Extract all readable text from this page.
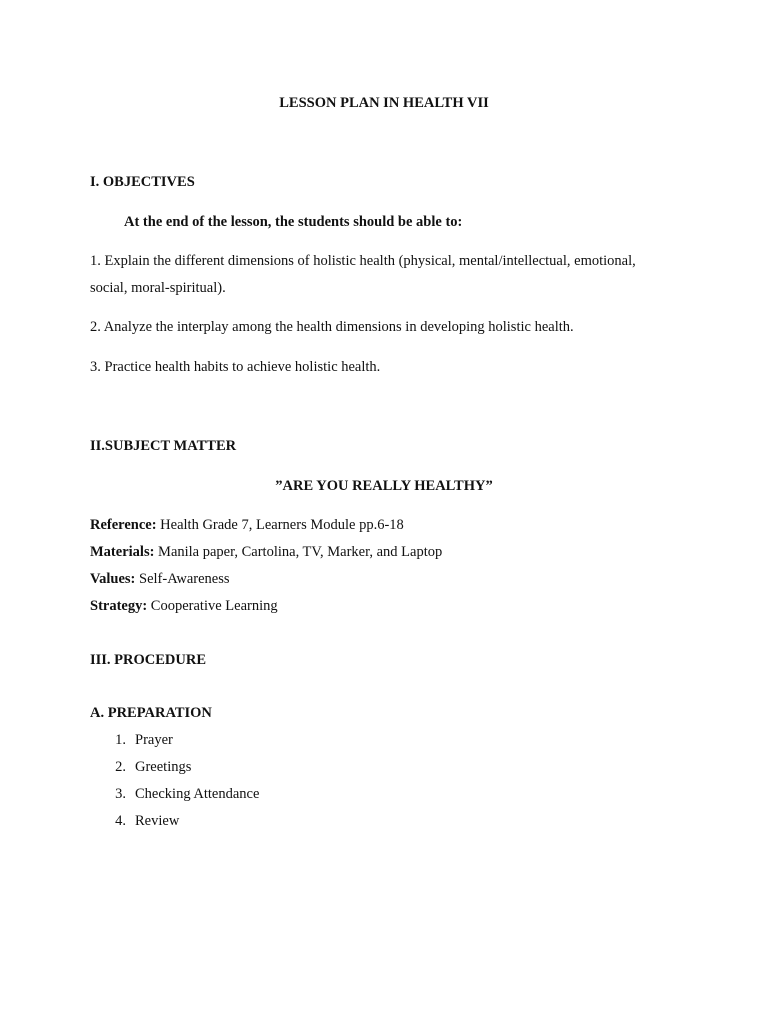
LESSON PLAN IN HEALTH VII
I. OBJECTIVES
At the end of the lesson, the students should be able to:
1. Explain the different dimensions of holistic health (physical, mental/intellectual, emotional,
social, moral-spiritual).
2. Analyze the interplay among the health dimensions in developing holistic health.
3. Practice health habits to achieve holistic health.
II.SUBJECT MATTER
”ARE YOU REALLY HEALTHY”
Reference: Health Grade 7, Learners Module pp.6-18
Materials: Manila paper, Cartolina, TV, Marker, and Laptop
Values: Self-Awareness
Strategy: Cooperative Learning
III. PROCEDURE
A. PREPARATION
1. Prayer
2. Greetings
3. Checking Attendance
4. Review
